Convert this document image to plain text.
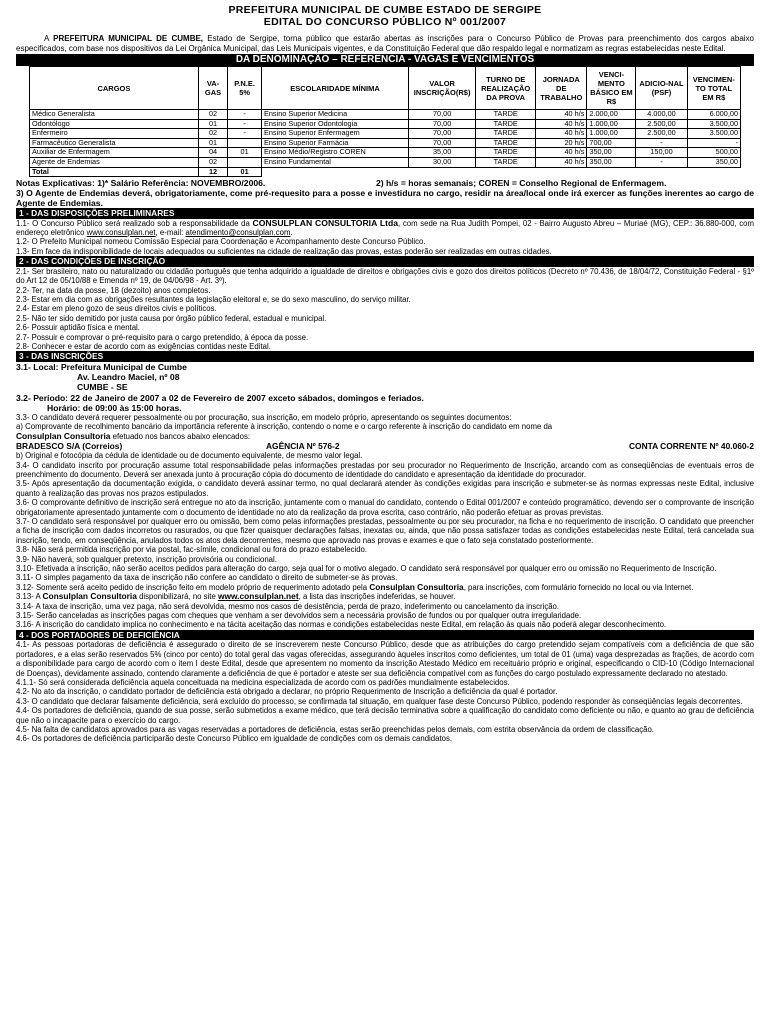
PREFEITURA MUNICIPAL DE CUMBE ESTADO DE SERGIPE
EDITAL DO CONCURSO PÚBLICO Nº 001/2007
A PREFEITURA MUNICIPAL DE CUMBE, Estado de Sergipe, torna público que estarão abertas as inscrições para o Concurso Público de Provas para preenchimento dos cargos abaixo especificados, com base nos dispositivos da Lei Orgânica Municipal, das Leis Municipais vigentes, e da Constituição Federal que dão respaldo legal e normatizam as regras estabelecidas neste Edital.
DA DENOMINAÇÃO – REFERÊNCIA - VAGAS E VENCIMENTOS
CARGOS	VA-GAS	P.N.E. 5%	ESCOLARIDADE MÍNIMA	VALOR INSCRIÇÃO(R$)	TURNO DE REALIZAÇÃO DA PROVA	JORNADA DE TRABALHO	VENCI-MENTO BÁSICO EM R$	ADICIO-NAL (PSF)	VENCIMEN-TO TOTAL EM R$
Médico Generalista	02	-	Ensino Superior Medicina	70,00	TARDE	40 h/s	2.000,00	4.000,00	6.000,00
Odontólogo	01	-	Ensino Superior Odontologia	70,00	TARDE	40 h/s	1.000,00	2.500,00	3.500,00
Enfermeiro	02	-	Ensino Superior Enfermagem	70,00	TARDE	40 h/s	1.000,00	2.500,00	3.500,00
Farmacêutico Generalista	01		Ensino Superior Farmácia	70,00	TARDE	20 h/s	700,00	-	-
Auxiliar de Enfermagem	04	01	Ensino Médio/Registro COREN	35,00	TARDE	40 h/s	350,00	150,00	500,00
Agente de Endemias	02		Ensino Fundamental	30,00	TARDE	40 h/s	350,00	-	350,00
Total	12	01							
Notas Explicativas: 1)* Salário Referência: NOVEMBRO/2006.	2) h/s = horas semanais; COREN = Conselho Regional de Enfermagem.
3) O Agente de Endemias deverá, obrigatoriamente, come pré-requesito para a posse e investidura no cargo, residir na área/local onde irá exercer as funções inerentes ao cargo de Agente de Endemias.
1 - DAS DISPOSIÇÕES PRELIMINARES
1.1- O Concurso Público será realizado sob a responsabilidade da CONSULPLAN CONSULTORIA Ltda, com sede na Rua Judith Pompei, 02 - Bairro Augusto Abreu – Muriaé (MG), CEP.: 36.880-000, com endereço eletrônico www.consulplan.net, e-mail: atendimento@consulplan.com.
1.2- O Prefeito Municipal nomeou Comissão Especial para Coordenação e Acompanhamento deste Concurso Público.
1.3- Em face da indisponibilidade de locais adequados ou suficientes na cidade de realização das provas, estas poderão ser realizadas em outras cidades.
2 - DAS CONDIÇÕES DE INSCRIÇÃO
2.1- Ser brasileiro, nato ou naturalizado ou cidadão português que tenha adquirido a igualdade de direitos e obrigações civis e gozo dos direitos políticos (Decreto nº 70.436, de 18/04/72, Constituição Federal - §1º do Art 12 de 05/10/88 e Emenda nº 19, de 04/06/98 - Art. 3º).
2.2- Ter, na data da posse, 18 (dezoito) anos completos.
2.3- Estar em dia com as obrigações resultantes da legislação eleitoral e, se do sexo masculino, do serviço militar.
2.4- Estar em pleno gozo de seus direitos civis e políticos.
2.5- Não ter sido demitido por justa causa por órgão público federal, estadual e municipal.
2.6- Possuir aptidão física e mental.
2.7- Possuir e comprovar o pré-requisito para o cargo pretendido, à época da posse.
2.8- Conhecer e estar de acordo com as exigências contidas neste Edital.
3 - DAS INSCRIÇÕES
3.1- Local: Prefeitura Municipal de Cumbe
Av. Leandro Maciel, nº 08
CUMBE - SE
3.2- Período: 22 de Janeiro de 2007 a 02 de Fevereiro de 2007 exceto sábados, domingos e feriados.
Horário: de 09:00 às 15:00 horas.
3.3- O candidato deverá requerer pessoalmente ou por procuração, sua inscrição, em modelo próprio, apresentando os seguintes documentos:
a) Comprovante de recolhimento bancário da importância referente à inscrição, contendo o nome e o cargo referente à inscrição do candidato em nome da
Consulplan Consultoria efetuado nos bancos abaixo elencados:
BRADESCO S/A (Correios)	AGÊNCIA Nº 576-2	CONTA CORRENTE Nº 40.060-2
b) Original e fotocópia da cédula de identidade ou de documento equivalente, de mesmo valor legal.
3.4- O candidato inscrito por procuração assume total responsabilidade pelas informações prestadas por seu procurador no Requerimento de Inscrição, arcando com as conseqüências de eventuais erros de preenchimento do documento. Deverá ser anexada junto à procuração cópia do documento de identidade do candidato e apresentação da identidade do procurador.
3.5- Após apresentação da documentação exigida, o candidato deverá assinar termo, no qual declarará atender às condições exigidas para inscrição e submeter-se às normas expressas neste Edital, inclusive quanto à realização das provas nos prazos estipulados.
3.6- O comprovante definitivo de inscrição será entregue no ato da inscrição, juntamente com o manual do candidato, contendo o Edital 001/2007 e conteúdo programático, devendo ser o comprovante de inscrição obrigatoriamente apresentado juntamente com o documento de identidade no ato da realização da prova escrita, caso contrário, não poderão efetuar as provas previstas.
3.7- O candidato será responsável por qualquer erro ou omissão, bem como pelas informações prestadas, pessoalmente ou por seu procurador, na ficha e no requerimento de inscrição. O candidato que preencher a ficha de inscrição com dados incorretos ou rasurados, ou que fizer quaisquer declarações falsas, inexatas ou, ainda, que não possa satisfazer todas as condições estabelecidas neste Edital, terá cancelada sua inscrição, tendo, em conseqüência, anulados todos os atos dela decorrentes, mesmo que aprovado nas provas e exames e que o fato seja constatado posteriormente.
3.8- Não será permitida inscrição por via postal, fac-símile, condicional ou fora do prazo estabelecido.
3.9- Não haverá, sob qualquer pretexto, inscrição provisória ou condicional.
3.10- Efetivada a inscrição, não serão aceitos pedidos para alteração do cargo, seja qual for o motivo alegado. O candidato será responsável por qualquer erro ou omissão no Requerimento de Inscrição.
3.11- O simples pagamento da taxa de inscrição não confere ao candidato o direito de submeter-se às provas.
3.12- Somente será aceito pedido de inscrição feito em modelo próprio de requerimento adotado pela Consulplan Consultoria, para inscrições, com formulário fornecido no local ou via Internet.
3.13- A Consulplan Consultoria disponibilizará, no site www.consulplan.net, a lista das inscrições indeferidas, se houver.
3.14- A taxa de inscrição, uma vez paga, não será devolvida, mesmo nos casos de desistência, perda de prazo, indeferimento ou cancelamento da inscrição.
3.15- Serão canceladas as inscrições pagas com cheques que venham a ser devolvidos sem a necessária provisão de fundos ou por qualquer outra irregularidade.
3.16- A inscrição do candidato implica no conhecimento e na tácita aceitação das normas e condições estabelecidas neste Edital, em relação às quais não poderá alegar desconhecimento.
4 - DOS PORTADORES DE DEFICIÊNCIA
4.1- As pessoas portadoras de deficiência é assegurado o direito de se inscreverem neste Concurso Público, desde que as atribuições do cargo pretendido sejam compatíveis com a deficiência de que são portadores, e a elas serão reservados 5% (cinco por cento) do total geral das vagas oferecidas, assegurando àqueles inscritos como deficientes, um total de 01 (uma) vaga desprezadas as frações, de acordo com a disponibilidade para cargo de acordo com o item I deste Edital, desde que apresentem no momento da inscrição Atestado Médico em receituário próprio e original, especificando o CID-10 (Código Internacional de Doenças), devidamente assinado, contendo claramente a deficiência de que é portador e ateste ser sua deficiência compatível com as funções do cargo postulado expressamente declarado no atestado.
4.1.1- Só será considerada deficiência aquela conceituada na medicina especializada de acordo com os padrões mundialmente estabelecidos.
4.2- No ato da inscrição, o candidato portador de deficiência está obrigado a declarar, no próprio Requerimento de Inscrição a deficiência da qual é portador.
4.3- O candidato que declarar falsamente deficiência, será excluído do processo, se confirmada tal situação, em qualquer fase deste Concurso Público, podendo responder às conseqüências legais decorrentes.
4.4- Os portadores de deficiência, quando de sua posse, serão submetidos a exame médico, que terá decisão terminativa sobre a qualificação do candidato como deficiente ou não, e quanto ao grau de deficiência que não o incapacite para o exercício do cargo.
4.5- Na falta de candidatos aprovados para as vagas reservadas a portadores de deficiência, estas serão preenchidas pelos demais, com estrita observância da ordem de classificação.
4.6- Os portadores de deficiência participarão deste Concurso Público em igualdade de condições com os demais candidatos.
